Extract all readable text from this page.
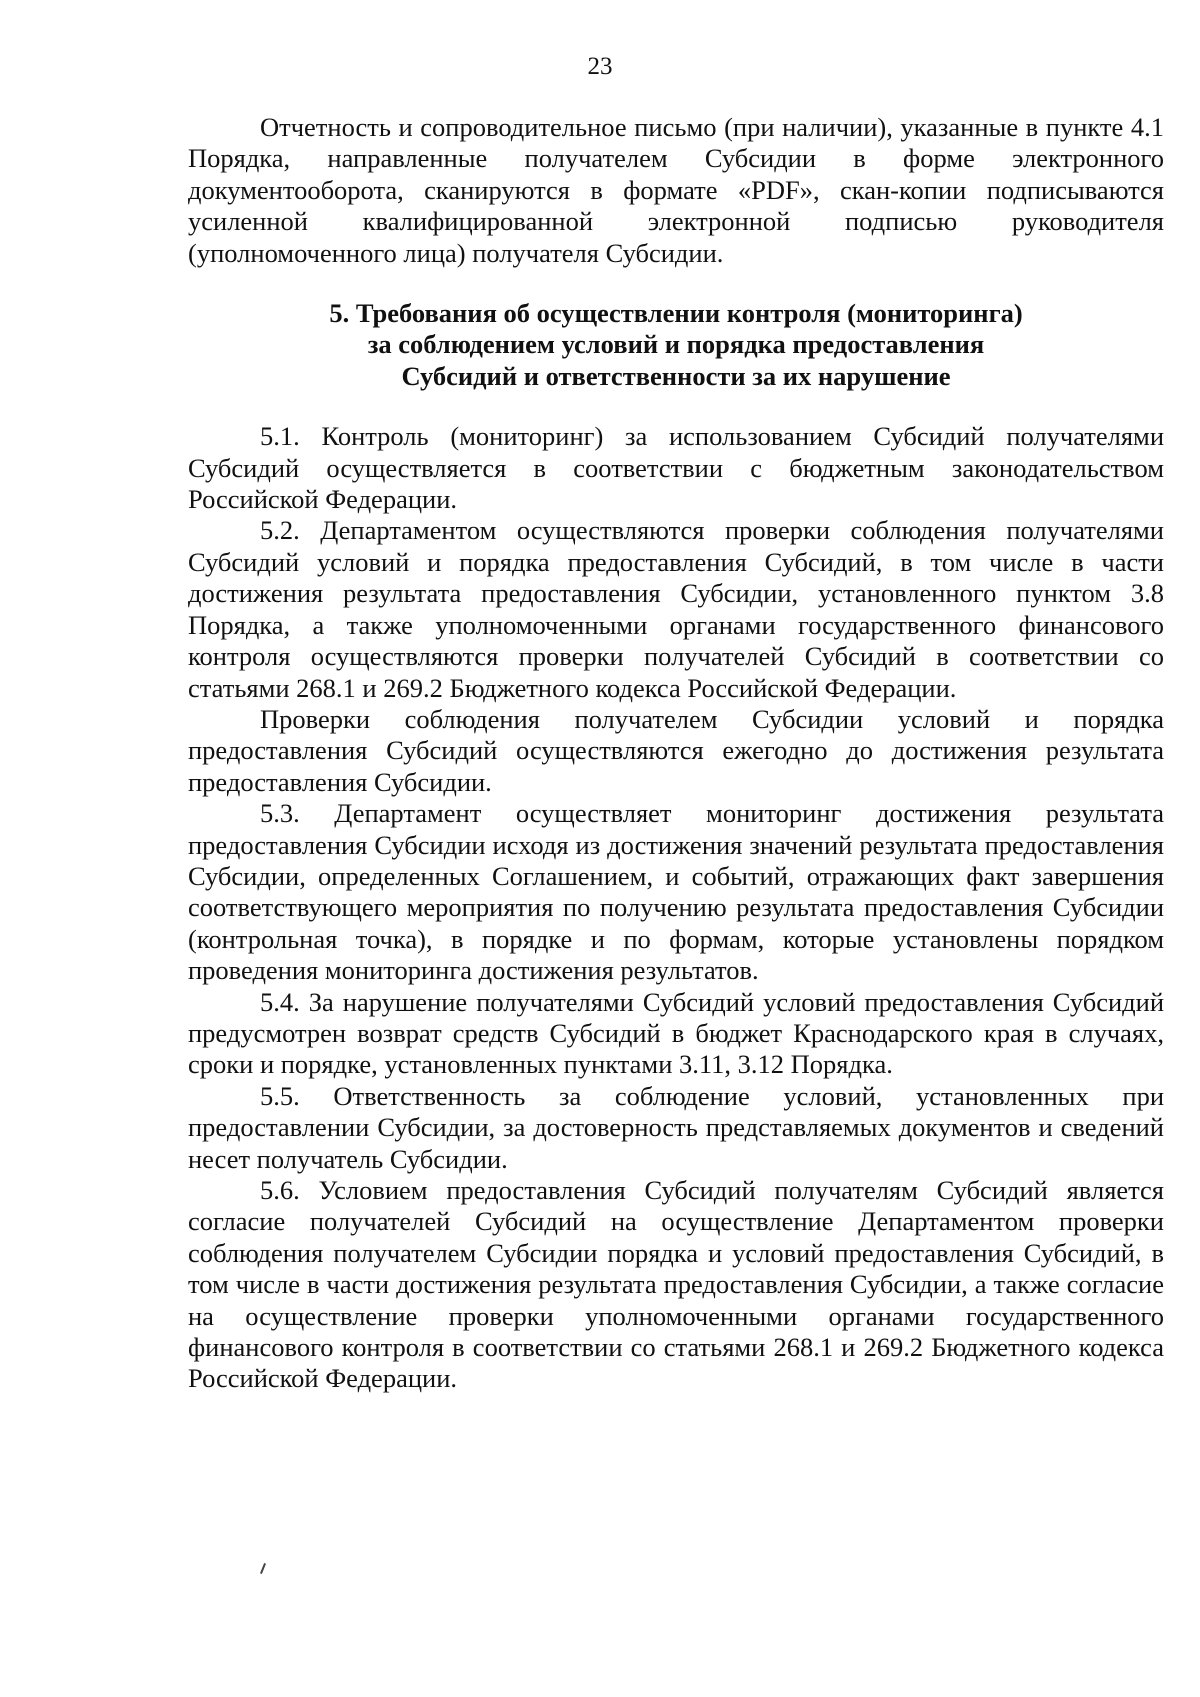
23

Отчетность и сопроводительное письмо (при наличии), указанные в пункте 4.1 Порядка, направленные получателем Субсидии в форме электронного документооборота, сканируются в формате «PDF», скан-копии подписываются усиленной квалифицированной электронной подписью руководителя (уполномоченного лица) получателя Субсидии.

5. Требования об осуществлении контроля (мониторинга)
за соблюдением условий и порядка предоставления
Субсидий и ответственности за их нарушение

5.1. Контроль (мониторинг) за использованием Субсидий получателями Субсидий осуществляется в соответствии с бюджетным законодательством Российской Федерации.

5.2. Департаментом осуществляются проверки соблюдения получателями Субсидий условий и порядка предоставления Субсидий, в том числе в части достижения результата предоставления Субсидии, установленного пунктом 3.8 Порядка, а также уполномоченными органами государственного финансового контроля осуществляются проверки получателей Субсидий в соответствии со статьями 268.1 и 269.2 Бюджетного кодекса Российской Федерации.

Проверки соблюдения получателем Субсидии условий и порядка предоставления Субсидий осуществляются ежегодно до достижения результата предоставления Субсидии.

5.3. Департамент осуществляет мониторинг достижения результата предоставления Субсидии исходя из достижения значений результата предоставления Субсидии, определенных Соглашением, и событий, отражающих факт завершения соответствующего мероприятия по получению результата предоставления Субсидии (контрольная точка), в порядке и по формам, которые установлены порядком проведения мониторинга достижения результатов.

5.4. За нарушение получателями Субсидий условий предоставления Субсидий предусмотрен возврат средств Субсидий в бюджет Краснодарского края в случаях, сроки и порядке, установленных пунктами 3.11, 3.12 Порядка.

5.5. Ответственность за соблюдение условий, установленных при предоставлении Субсидии, за достоверность представляемых документов и сведений несет получатель Субсидии.

5.6. Условием предоставления Субсидий получателям Субсидий является согласие получателей Субсидий на осуществление Департаментом проверки соблюдения получателем Субсидии порядка и условий предоставления Субсидий, в том числе в части достижения результата предоставления Субсидии, а также согласие на осуществление проверки уполномоченными органами государственного финансового контроля в соответствии со статьями 268.1 и 269.2 Бюджетного кодекса Российской Федерации.
